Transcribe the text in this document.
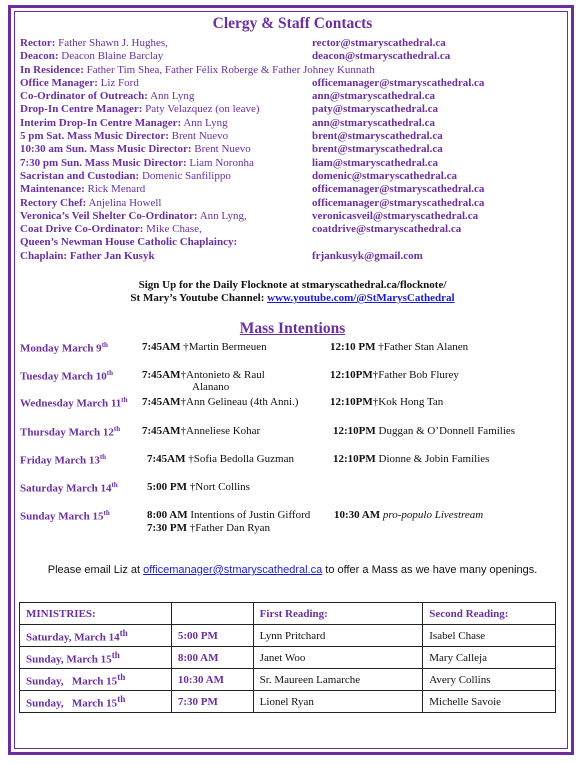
Clergy & Staff Contacts
Rector: Father Shawn J. Hughes,	rector@stmaryscathedral.ca
Deacon: Deacon Blaine Barclay	deacon@stmaryscathedral.ca
In Residence: Father Tim Shea, Father Félix Roberge & Father Johney Kunnath
Office Manager: Liz Ford	officemanager@stmaryscathedral.ca
Co-Ordinator of Outreach: Ann Lyng	ann@stmaryscathedral.ca
Drop-In Centre Manager: Paty Velazquez (on leave)	paty@stmaryscathedral.ca
Interim Drop-In Centre Manager: Ann Lyng	ann@stmaryscathedral.ca
5 pm Sat. Mass Music Director: Brent Nuevo	brent@stmaryscathedral.ca
10:30 am Sun. Mass Music Director: Brent Nuevo	brent@stmaryscathedral.ca
7:30 pm Sun. Mass Music Director: Liam Noronha	liam@stmaryscathedral.ca
Sacristan and Custodian: Domenic Sanfilippo	domenic@stmaryscathedral.ca
Maintenance: Rick Menard	officemanager@stmaryscathedral.ca
Rectory Chef: Anjelina Howell	officemanager@stmaryscathedral.ca
Veronica’s Veil Shelter Co-Ordinator: Ann Lyng,	veronicasveil@stmaryscathedral.ca
Coat Drive Co-Ordinator: Mike Chase,	coatdrive@stmaryscathedral.ca
Queen’s Newman House Catholic Chaplaincy:
Chaplain: Father Jan Kusyk	frjankusyk@gmail.com
Sign Up for the Daily Flocknote at stmaryscathedral.ca/flocknote/
St Mary’s Youtube Channel: www.youtube.com/@StMarysCathedral
Mass Intentions
Monday March 9th	7:45AM †Martin Bermeuen	12:10 PM †Father Stan Alanen
Tuesday March 10th	7:45AM†Antonieto & Raul
Alanano
12:10PM†Father Bob Flurey
Wednesday March 11th 7:45AM†Ann Gelineau (4th Anni.)	12:10PM†Kok Hong Tan
Thursday March 12th 7:45AM†Anneliese Kohar	12:10PM Duggan & O’Donnell Families
Friday March 13th	7:45AM †Sofia Bedolla Guzman	12:10PM Dionne & Jobin Families
Saturday March 14th	5:00 PM †Nort Collins
Sunday March 15th	8:00 AM Intentions of Justin Gifford 10:30 AM pro-populo Livestream
7:30 PM †Father Dan Ryan
Please email Liz at officemanager@stmaryscathedral.ca to offer a Mass as we have many openings.
MINISTRIES:		First Reading:	Second Reading:
Saturday, March 14th	5:00 PM	Lynn Pritchard	Isabel Chase
Sunday, March 15th	8:00 AM	Janet Woo	Mary Calleja
Sunday,   March 15th	10:30 AM	Sr. Maureen Lamarche	Avery Collins
Sunday,   March 15th	7:30 PM	Lionel Ryan	Michelle Savoie
